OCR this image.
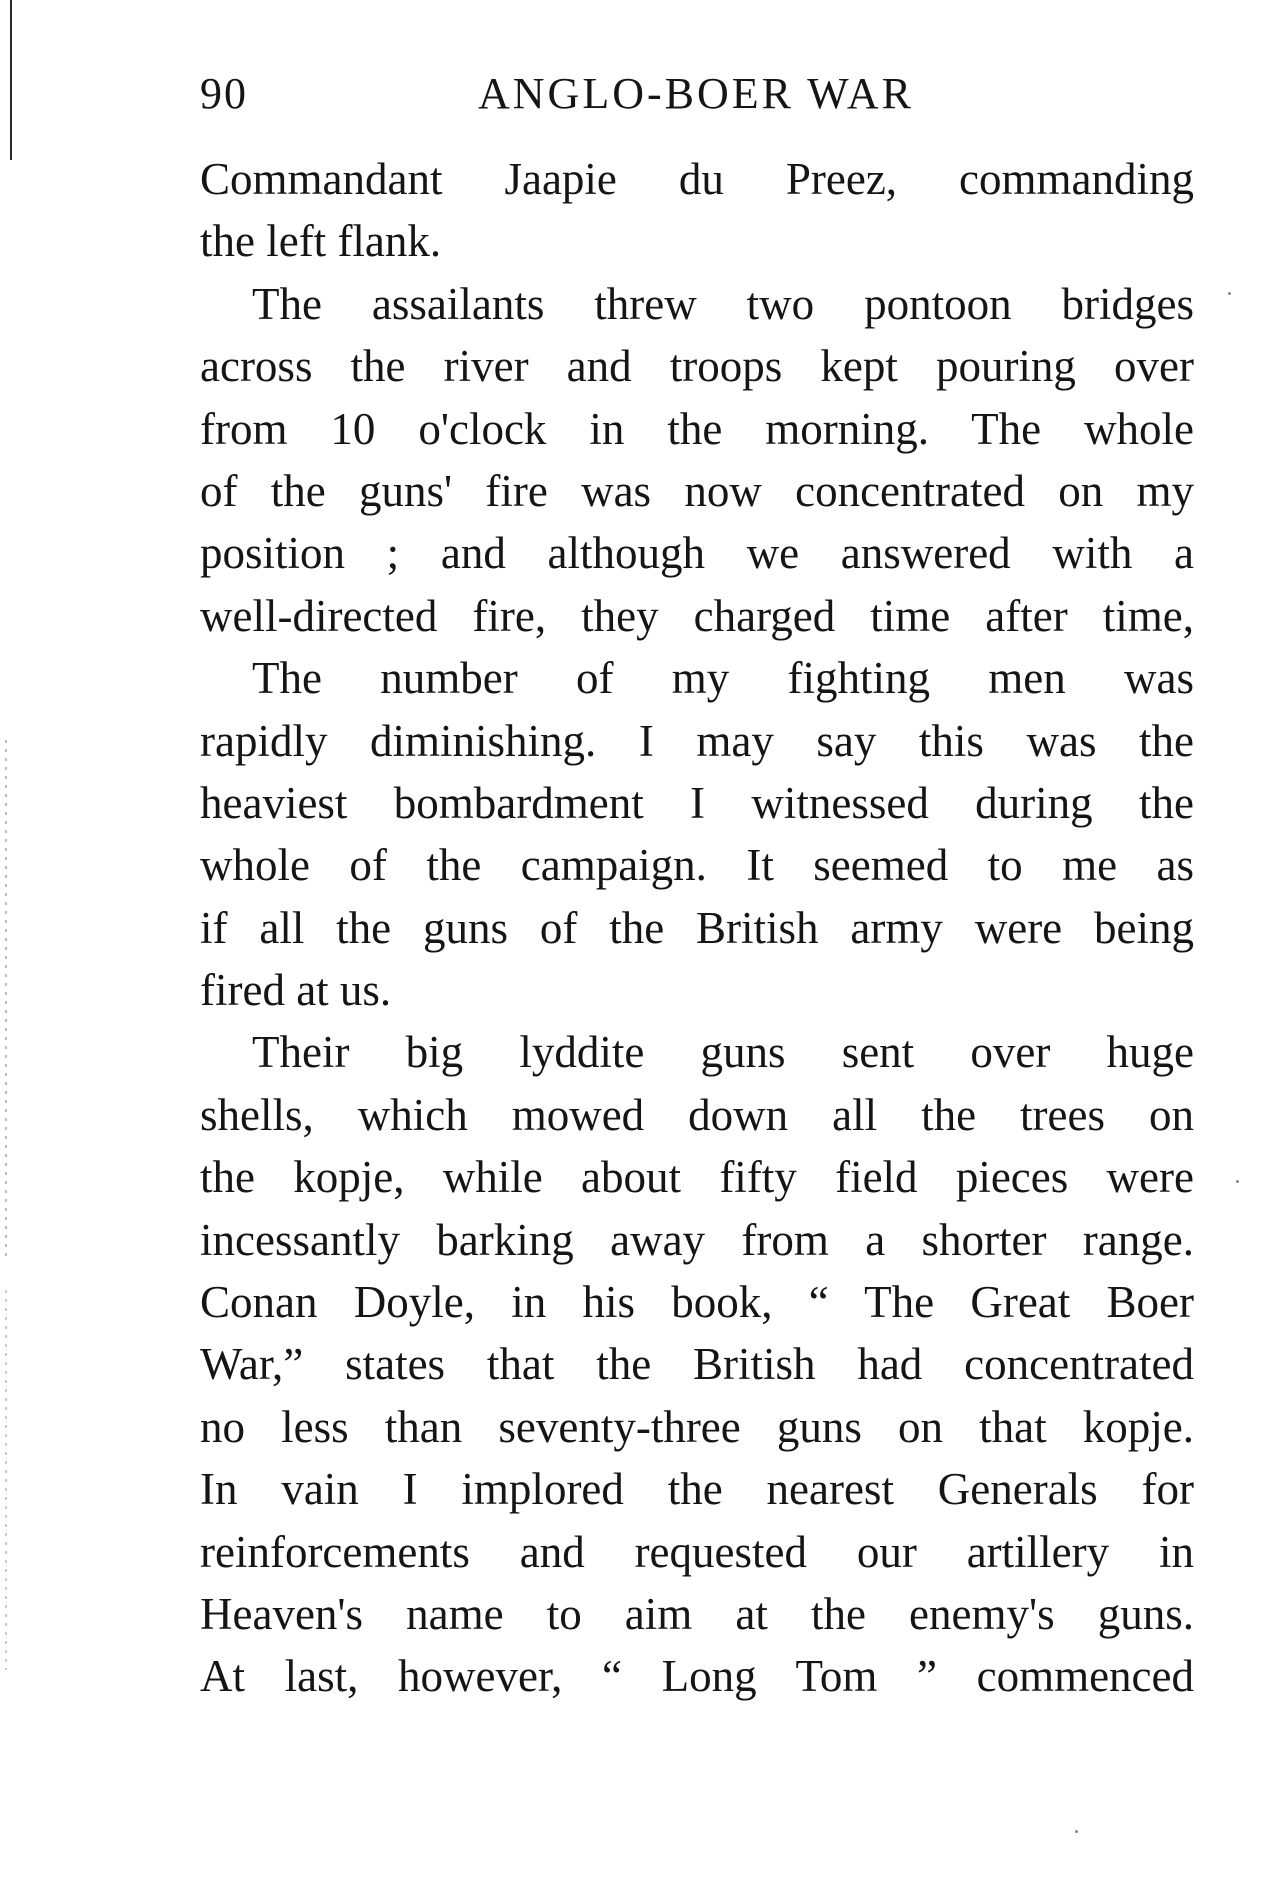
90	ANGLO-BOER WAR
Commandant Jaapie du Preez, commanding
the left flank.
The assailants threw two pontoon bridges
across the river and troops kept pouring over
from 10 o'clock in the morning. The whole
of the guns' fire was now concentrated on my
position ; and although we answered with a
well-directed fire, they charged time after time,
The number of my fighting men was
rapidly diminishing. I may say this was the
heaviest bombardment I witnessed during the
whole of the campaign. It seemed to me as
if all the guns of the British army were being
fired at us.
Their big lyddite guns sent over huge
shells, which mowed down all the trees on
the kopje, while about fifty field pieces were
incessantly barking away from a shorter range.
Conan Doyle, in his book, “ The Great Boer
War,” states that the British had concentrated
no less than seventy-three guns on that kopje.
In vain I implored the nearest Generals for
reinforcements and requested our artillery in
Heaven's name to aim at the enemy's guns.
At last, however, “ Long Tom ” commenced
